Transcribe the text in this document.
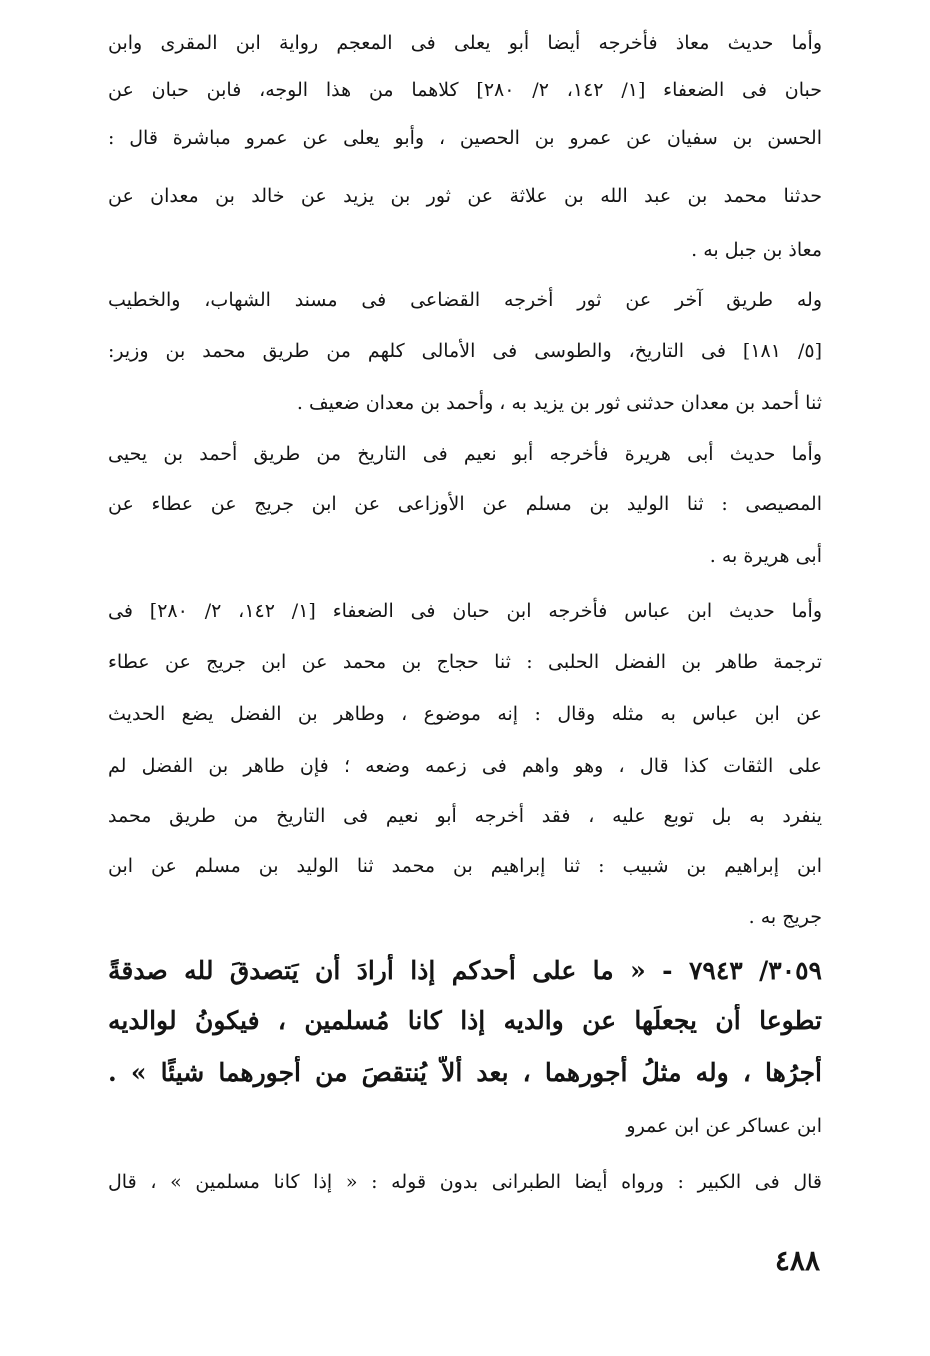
وأما حديث معاذ فأخرجه أيضا أبو يعلى فى المعجم رواية ابن المقرى وابن
حبان فى الضعفاء [١/ ١٤٢، ٢/ ٢٨٠] كلاهما من هذا الوجه، فابن حبان عن
الحسن بن سفيان عن عمرو بن الحصين ، وأبو يعلى عن عمرو مباشرة قال :
حدثنا محمد بن عبد الله بن علاثة عن ثور بن يزيد عن خالد بن معدان عن
معاذ بن جبل به .
وله طريق آخر عن ثور أخرجه القضاعى فى مسند الشهاب، والخطيب
[٥/ ١٨١] فى التاريخ، والطوسى فى الأمالى كلهم من طريق محمد بن وزير:
ثنا أحمد بن معدان حدثنى ثور بن يزيد به ، وأحمد بن معدان ضعيف .
وأما حديث أبى هريرة فأخرجه أبو نعيم فى التاريخ من طريق أحمد بن يحيى
المصيصى : ثنا الوليد بن مسلم عن الأوزاعى عن ابن جريج عن عطاء عن
أبى هريرة به .
وأما حديث ابن عباس فأخرجه ابن حبان فى الضعفاء [١/ ١٤٢، ٢/ ٢٨٠] فى
ترجمة طاهر بن الفضل الحلبى : ثنا حجاج بن محمد عن ابن جريج عن عطاء
عن ابن عباس به مثله وقال : إنه موضوع ، وطاهر بن الفضل يضع الحديث
على الثقات كذا قال ، وهو واهم فى زعمه وضعه ؛ فإن طاهر بن الفضل لم
ينفرد به بل توبع عليه ، فقد أخرجه أبو نعيم فى التاريخ من طريق محمد
ابن إبراهيم بن شبيب : ثنا إبراهيم بن محمد ثنا الوليد بن مسلم عن ابن
جريج به .
٣٠٥٩/ ٧٩٤٣ - « ما على أحدكم إذا أرادَ أن يَتصدقَ لله صدقةً
تطوعا أن يجعلَها عن والديه إذا كانا مُسلمين ، فيكونُ لوالديه
أجرُها ، وله مثلُ أجورهما ، بعد ألاَّ يُنتقصَ من أجورهما شيئًا » .
ابن عساكر عن ابن عمرو
قال فى الكبير : ورواه أيضا الطبرانى بدون قوله : « إذا كانا مسلمين » ، قال
٤٨٨
